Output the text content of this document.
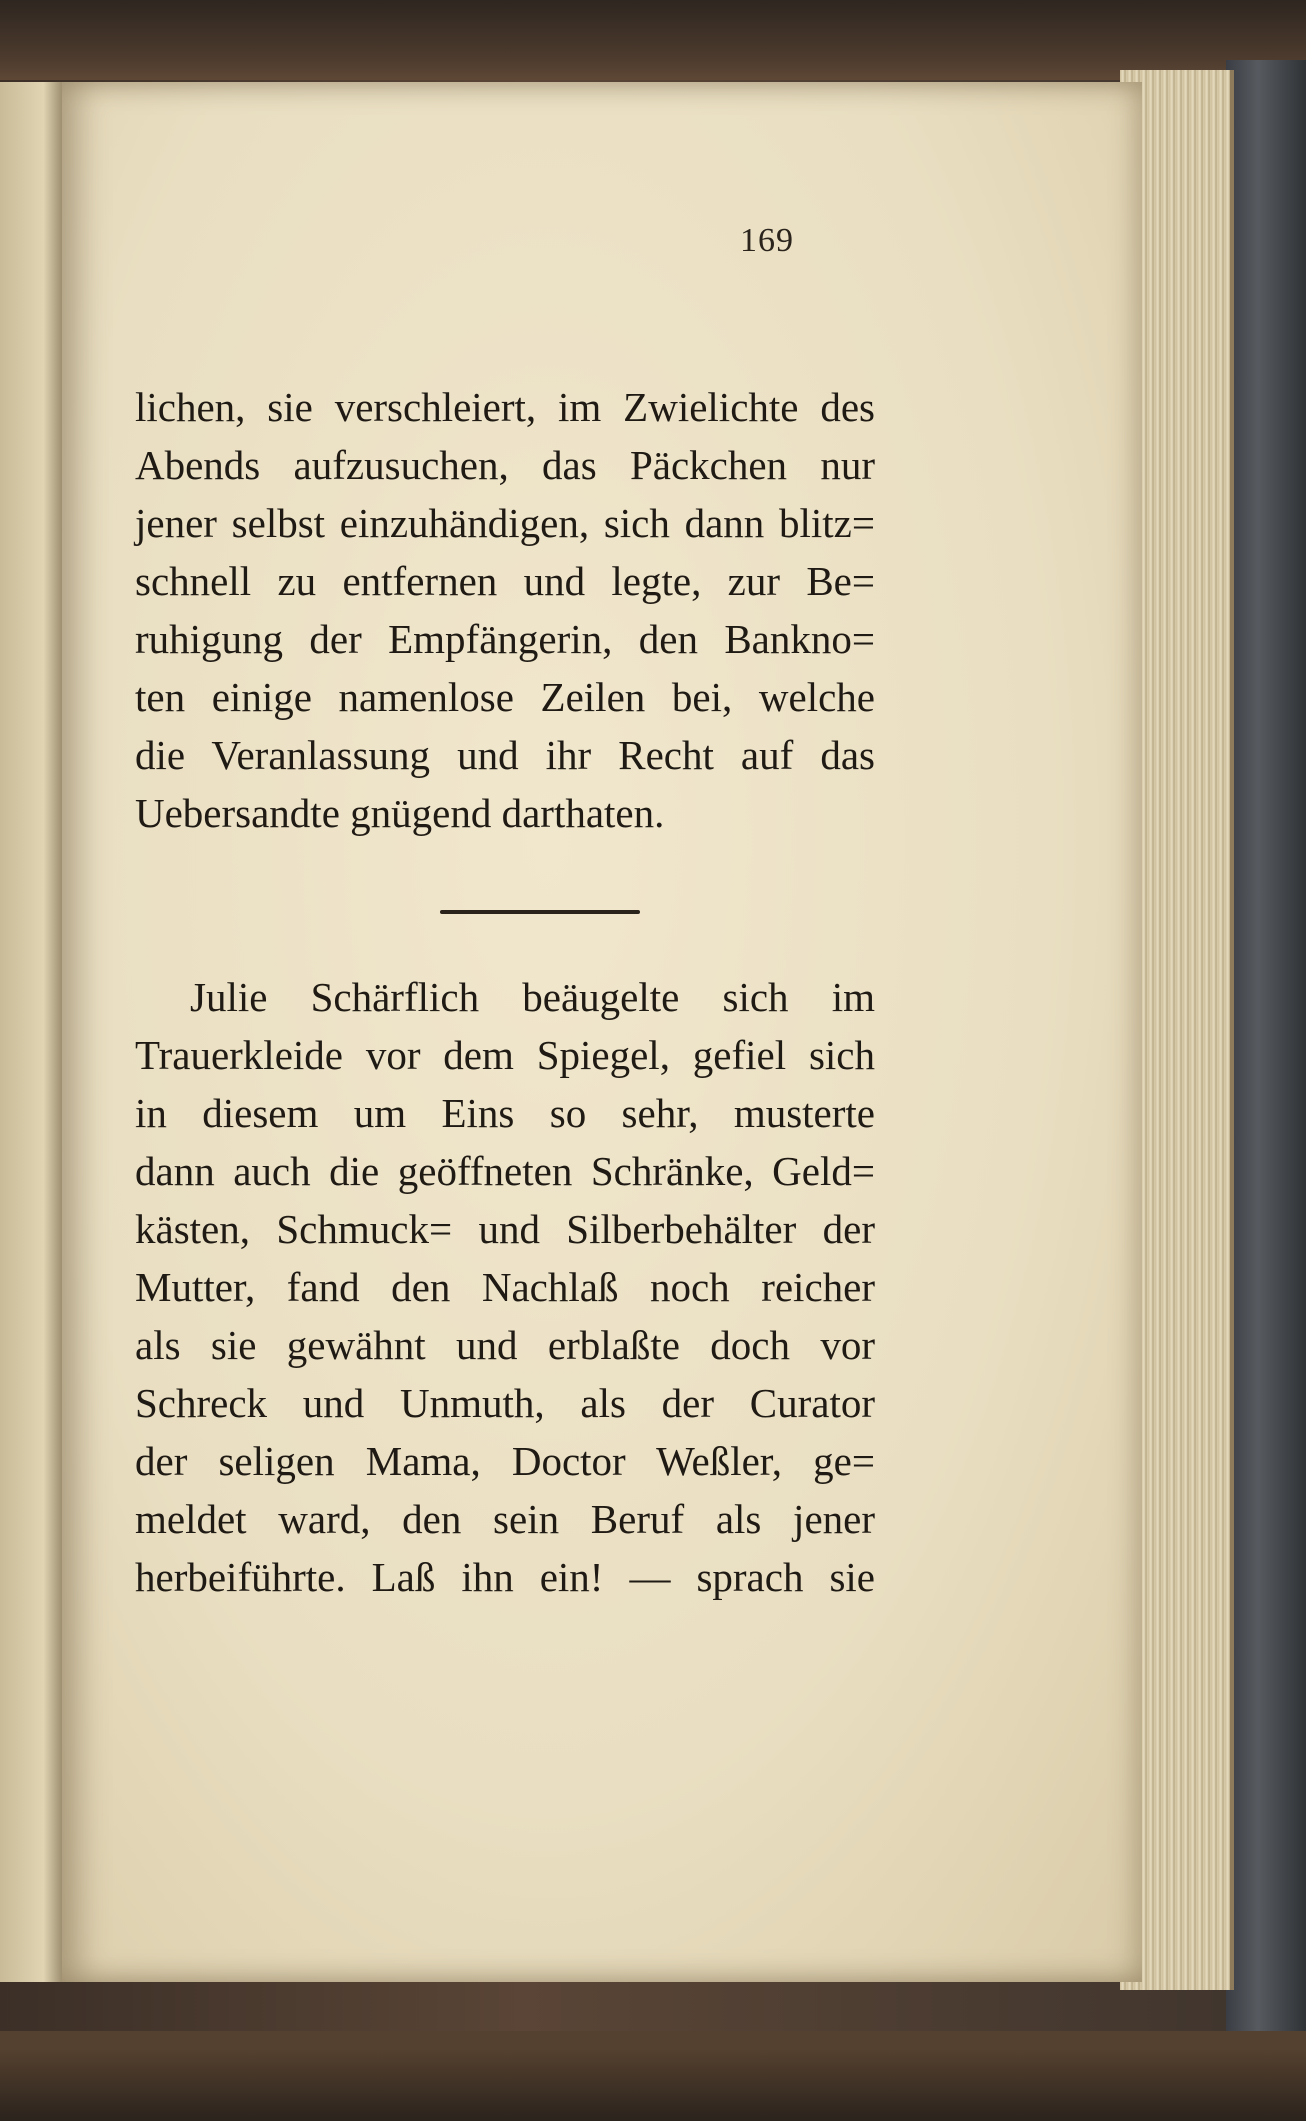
169
lichen, sie verschleiert, im Zwielichte des
Abends aufzusuchen, das Päckchen nur
jener selbst einzuhändigen, sich dann blitz=
schnell zu entfernen und legte, zur Be=
ruhigung der Empfängerin, den Bankno=
ten einige namenlose Zeilen bei, welche
die Veranlassung und ihr Recht auf das
Uebersandte gnügend darthaten.
Julie Schärflich beäugelte sich im
Trauerkleide vor dem Spiegel, gefiel sich
in diesem um Eins so sehr, musterte
dann auch die geöffneten Schränke, Geld=
kästen, Schmuck= und Silberbehälter der
Mutter, fand den Nachlaß noch reicher
als sie gewähnt und erblaßte doch vor
Schreck und Unmuth, als der Curator
der seligen Mama, Doctor Weßler, ge=
meldet ward, den sein Beruf als jener
herbeiführte. Laß ihn ein! — sprach sie
